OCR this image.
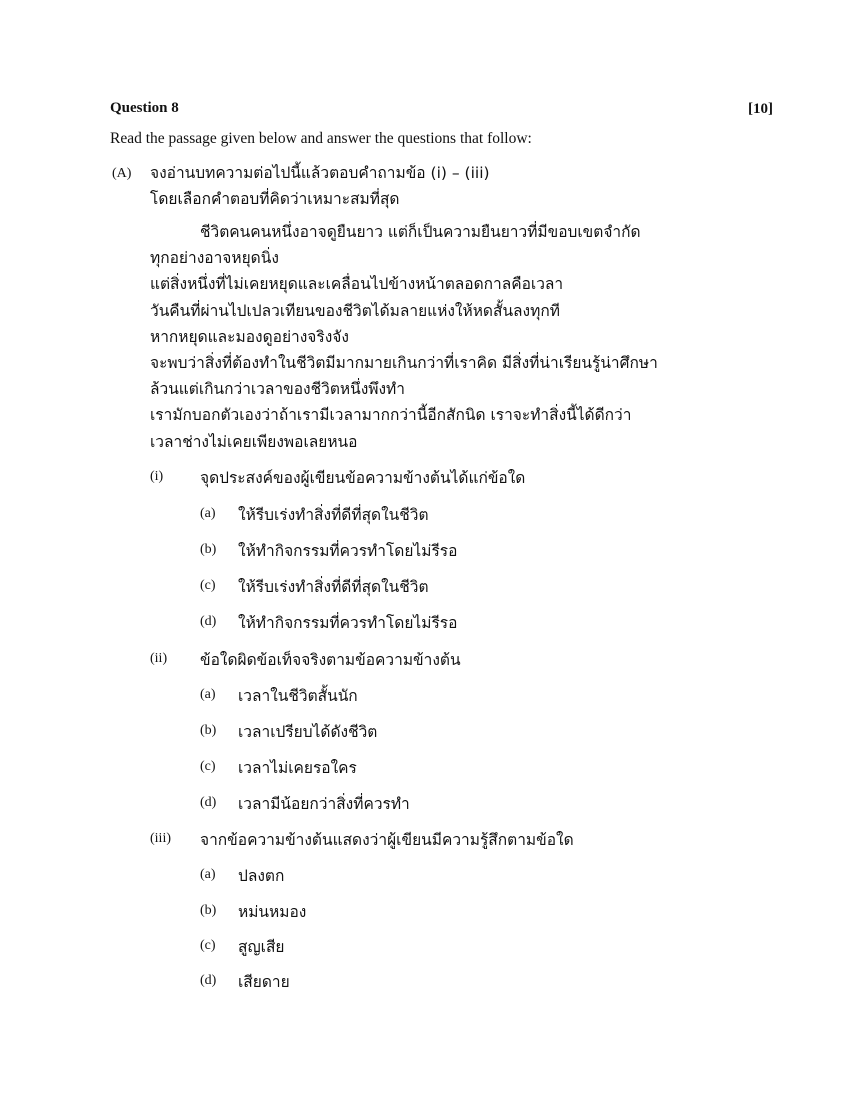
Question 8	[10]
Read the passage given below and answer the questions that follow:
(A) จงอ่านบทความต่อไปนี้แล้วตอบคำถามข้อ (i) – (iii)
โดยเลือกคำตอบที่คิดว่าเหมาะสมที่สุด
ชีวิตคนคนหนึ่งอาจดูยืนยาว แต่ก็เป็นความยืนยาวที่มีขอบเขตจำกัด
ทุกอย่างอาจหยุดนิ่ง
แต่สิ่งหนึ่งที่ไม่เคยหยุดและเคลื่อนไปข้างหน้าตลอดกาลคือเวลา
วันคืนที่ผ่านไปเปลวเทียนของชีวิตได้มลายแห่งให้หดสั้นลงทุกที
หากหยุดและมองดูอย่างจริงจัง
จะพบว่าสิ่งที่ต้องทำในชีวิตมีมากมายเกินกว่าที่เราคิด มีสิ่งที่น่าเรียนรู้น่าศึกษา
ล้วนแต่เกินกว่าเวลาของชีวิตหนึ่งพึงทำ
เรามักบอกตัวเองว่าถ้าเรามีเวลามากกว่านี้อีกสักนิด เราจะทำสิ่งนี้ได้ดีกว่า
เวลาช่างไม่เคยเพียงพอเลยหนอ
(i) จุดประสงค์ของผู้เขียนข้อความข้างต้นได้แก่ข้อใด
(a) ให้รีบเร่งทำสิ่งที่ดีที่สุดในชีวิต
(b) ให้ทำกิจกรรมที่ควรทำโดยไม่รีรอ
(c) ให้รีบเร่งทำสิ่งที่ดีที่สุดในชีวิต
(d) ให้ทำกิจกรรมที่ควรทำโดยไม่รีรอ
(ii) ข้อใดผิดข้อเท็จจริงตามข้อความข้างต้น
(a) เวลาในชีวิตสั้นนัก
(b) เวลาเปรียบได้ดังชีวิต
(c) เวลาไม่เคยรอใคร
(d) เวลามีน้อยกว่าสิ่งที่ควรทำ
(iii) จากข้อความข้างต้นแสดงว่าผู้เขียนมีความรู้สึกตามข้อใด
(a) ปลงตก
(b) หม่นหมอง
(c) สูญเสีย
(d) เสียดาย
